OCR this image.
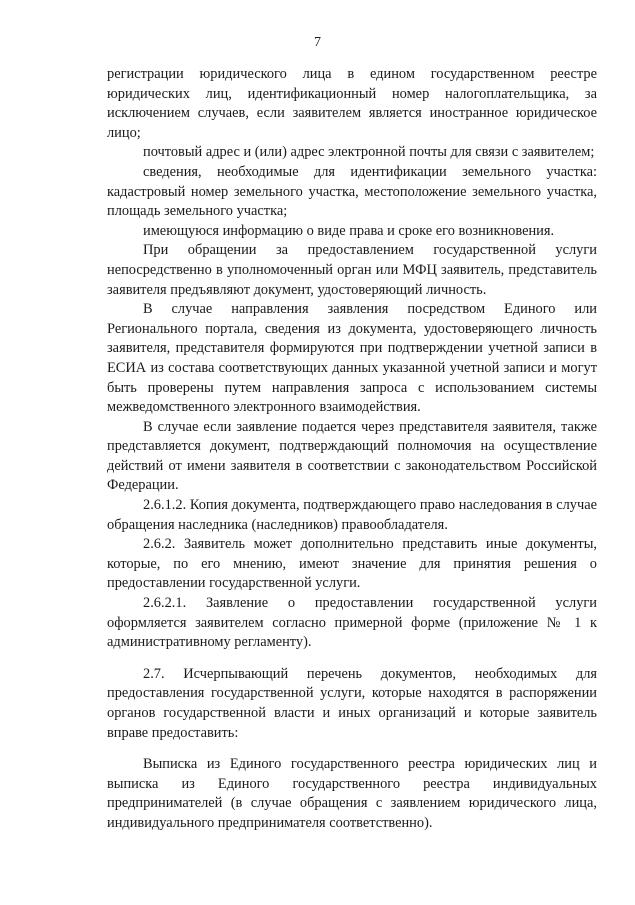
7

регистрации юридического лица в едином государственном реестре юридических лиц, идентификационный номер налогоплательщика, за исключением случаев, если заявителем является иностранное юридическое лицо;

почтовый адрес и (или) адрес электронной почты для связи с заявителем;

сведения, необходимые для идентификации земельного участка: кадастровый номер земельного участка, местоположение земельного участка, площадь земельного участка;

имеющуюся информацию о виде права и сроке его возникновения.

При обращении за предоставлением государственной услуги непосредственно в уполномоченный орган или МФЦ заявитель, представитель заявителя предъявляют документ, удостоверяющий личность.

В случае направления заявления посредством Единого или Регионального портала, сведения из документа, удостоверяющего личность заявителя, представителя формируются при подтверждении учетной записи в ЕСИА из состава соответствующих данных указанной учетной записи и могут быть проверены путем направления запроса с использованием системы межведомственного электронного взаимодействия.

В случае если заявление подается через представителя заявителя, также представляется документ, подтверждающий полномочия на осуществление действий от имени заявителя в соответствии с законодательством Российской Федерации.

2.6.1.2. Копия документа, подтверждающего право наследования в случае обращения наследника (наследников) правообладателя.

2.6.2. Заявитель может дополнительно представить иные документы, которые, по его мнению, имеют значение для принятия решения о предоставлении государственной услуги.

2.6.2.1. Заявление о предоставлении государственной услуги оформляется заявителем согласно примерной форме (приложение № 1 к административному регламенту).

2.7. Исчерпывающий перечень документов, необходимых для предоставления государственной услуги, которые находятся в распоряжении органов государственной власти и иных организаций и которые заявитель вправе предоставить:

Выписка из Единого государственного реестра юридических лиц и выписка из Единого государственного реестра индивидуальных предпринимателей (в случае обращения с заявлением юридического лица, индивидуального предпринимателя соответственно).
